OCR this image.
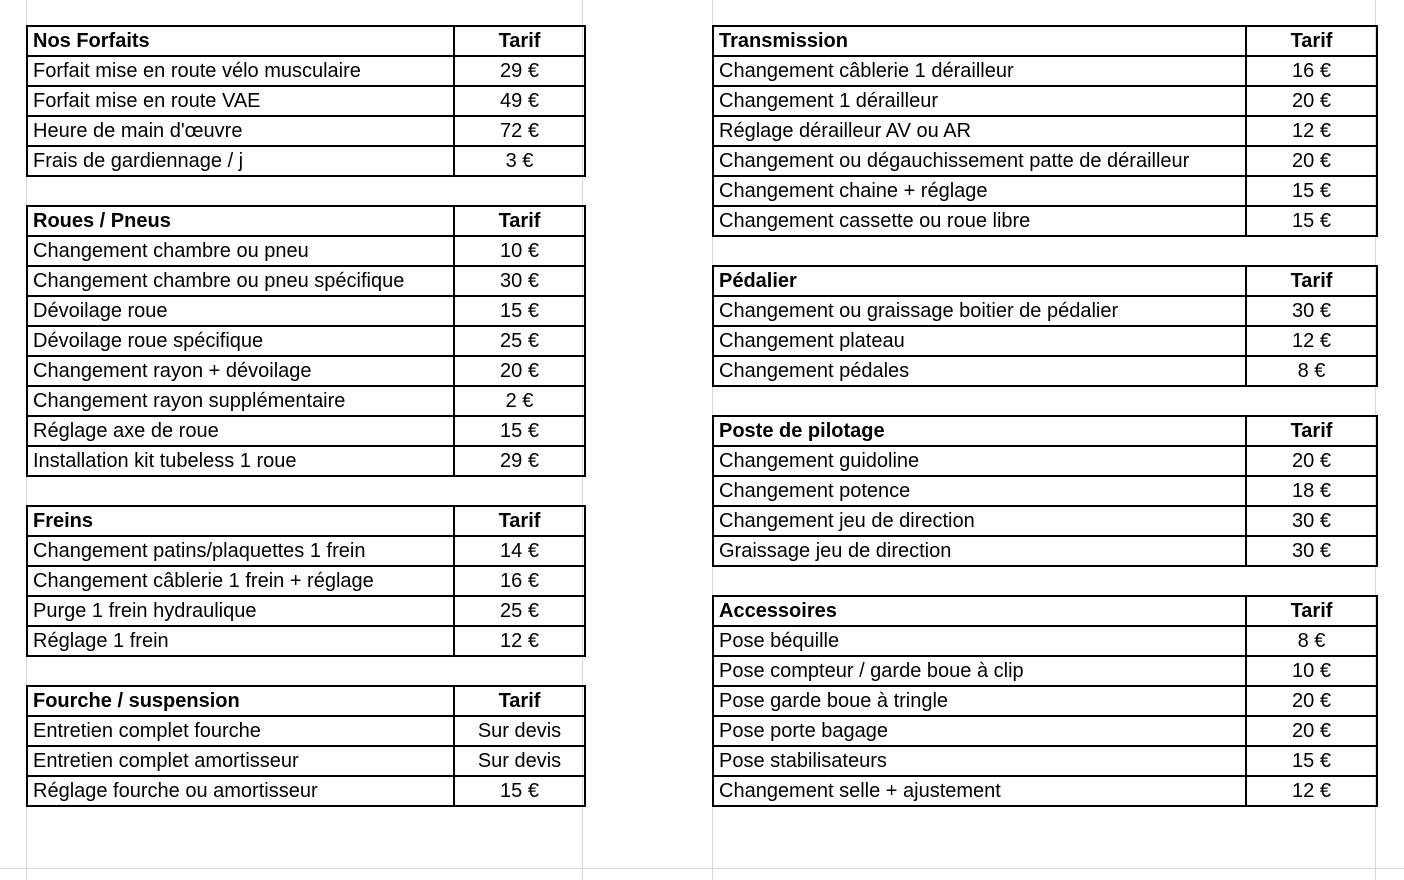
Nos Forfaits	Tarif
Forfait mise en route vélo musculaire	29 €
Forfait mise en route VAE	49 €
Heure de main d'œuvre	72 €
Frais de gardiennage / j	3 €

Roues / Pneus	Tarif
Changement chambre ou pneu	10 €
Changement chambre ou pneu spécifique	30 €
Dévoilage roue	15 €
Dévoilage roue spécifique	25 €
Changement rayon + dévoilage	20 €
Changement rayon supplémentaire	2 €
Réglage axe de roue	15 €
Installation kit tubeless 1 roue	29 €

Freins	Tarif
Changement patins/plaquettes 1 frein	14 €
Changement câblerie 1 frein + réglage	16 €
Purge 1 frein hydraulique	25 €
Réglage 1 frein	12 €

Fourche / suspension	Tarif
Entretien complet fourche	Sur devis
Entretien complet amortisseur	Sur devis
Réglage fourche ou amortisseur	15 €
Transmission	Tarif
Changement câblerie 1 dérailleur	16 €
Changement 1 dérailleur	20 €
Réglage dérailleur AV ou AR	12 €
Changement ou dégauchissement patte de dérailleur	20 €
Changement chaine + réglage	15 €
Changement cassette ou roue libre	15 €

Pédalier	Tarif
Changement ou graissage boitier de pédalier	30 €
Changement plateau	12 €
Changement pédales	8 €

Poste de pilotage	Tarif
Changement guidoline	20 €
Changement potence	18 €
Changement jeu de direction	30 €
Graissage jeu de direction	30 €

Accessoires	Tarif
Pose béquille	8 €
Pose compteur / garde boue à clip	10 €
Pose garde boue à tringle	20 €
Pose porte bagage	20 €
Pose stabilisateurs	15 €
Changement selle + ajustement	12 €
